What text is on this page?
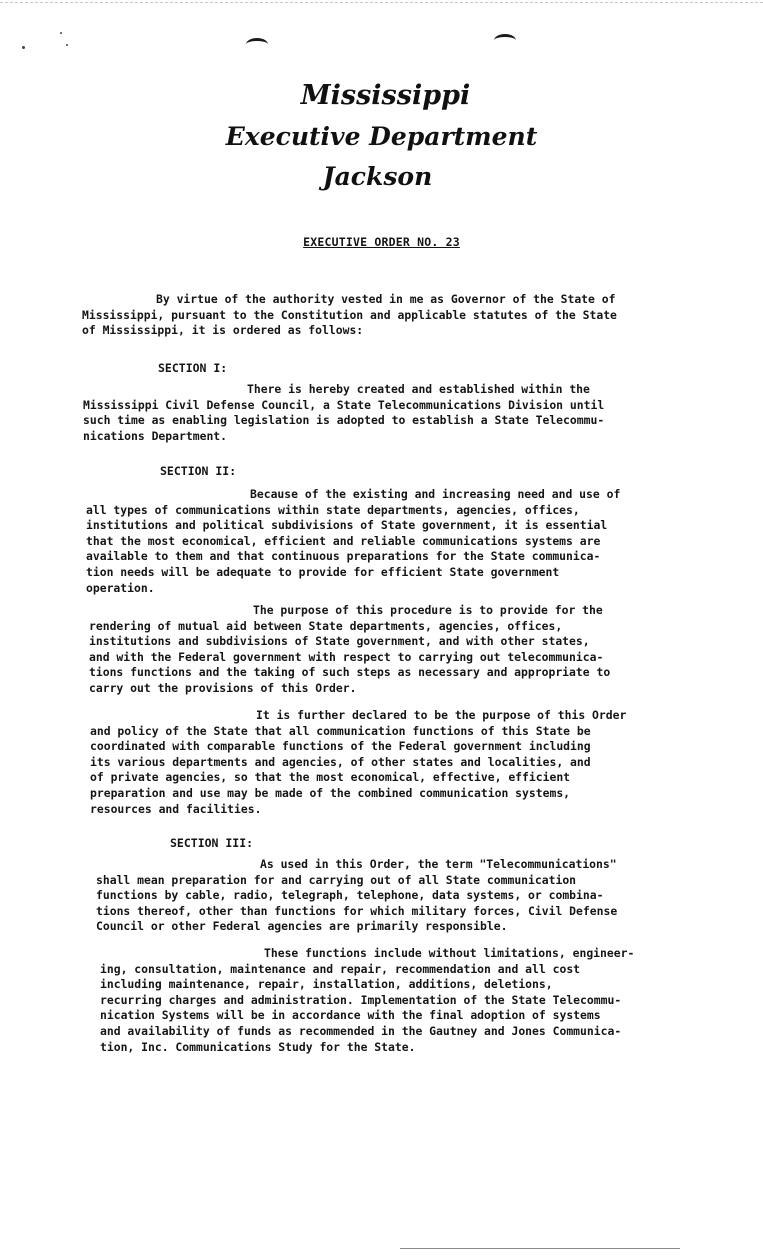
Mississippi
Executive Department
Jackson
EXECUTIVE ORDER NO. 23
By virtue of the authority vested in me as Governor of the State of
Mississippi, pursuant to the Constitution and applicable statutes of the State
of Mississippi, it is ordered as follows:
SECTION I:
There is hereby created and established within the
Mississippi Civil Defense Council, a State Telecommunications Division until
such time as enabling legislation is adopted to establish a State Telecommu-
nications Department.
SECTION II:
Because of the existing and increasing need and use of
all types of communications within state departments, agencies, offices,
institutions and political subdivisions of State government, it is essential
that the most economical, efficient and reliable communications systems are
available to them and that continuous preparations for the State communica-
tion needs will be adequate to provide for efficient State government
operation.
The purpose of this procedure is to provide for the
rendering of mutual aid between State departments, agencies, offices,
institutions and subdivisions of State government, and with other states,
and with the Federal government with respect to carrying out telecommunica-
tions functions and the taking of such steps as necessary and appropriate to
carry out the provisions of this Order.
It is further declared to be the purpose of this Order
and policy of the State that all communication functions of this State be
coordinated with comparable functions of the Federal government including
its various departments and agencies, of other states and localities, and
of private agencies, so that the most economical, effective, efficient
preparation and use may be made of the combined communication systems,
resources and facilities.
SECTION III:
As used in this Order, the term "Telecommunications"
shall mean preparation for and carrying out of all State communication
functions by cable, radio, telegraph, telephone, data systems, or combina-
tions thereof, other than functions for which military forces, Civil Defense
Council or other Federal agencies are primarily responsible.
These functions include without limitations, engineer-
ing, consultation, maintenance and repair, recommendation and all cost
including maintenance, repair, installation, additions, deletions,
recurring charges and administration. Implementation of the State Telecommu-
nication Systems will be in accordance with the final adoption of systems
and availability of funds as recommended in the Gautney and Jones Communica-
tion, Inc. Communications Study for the State.
